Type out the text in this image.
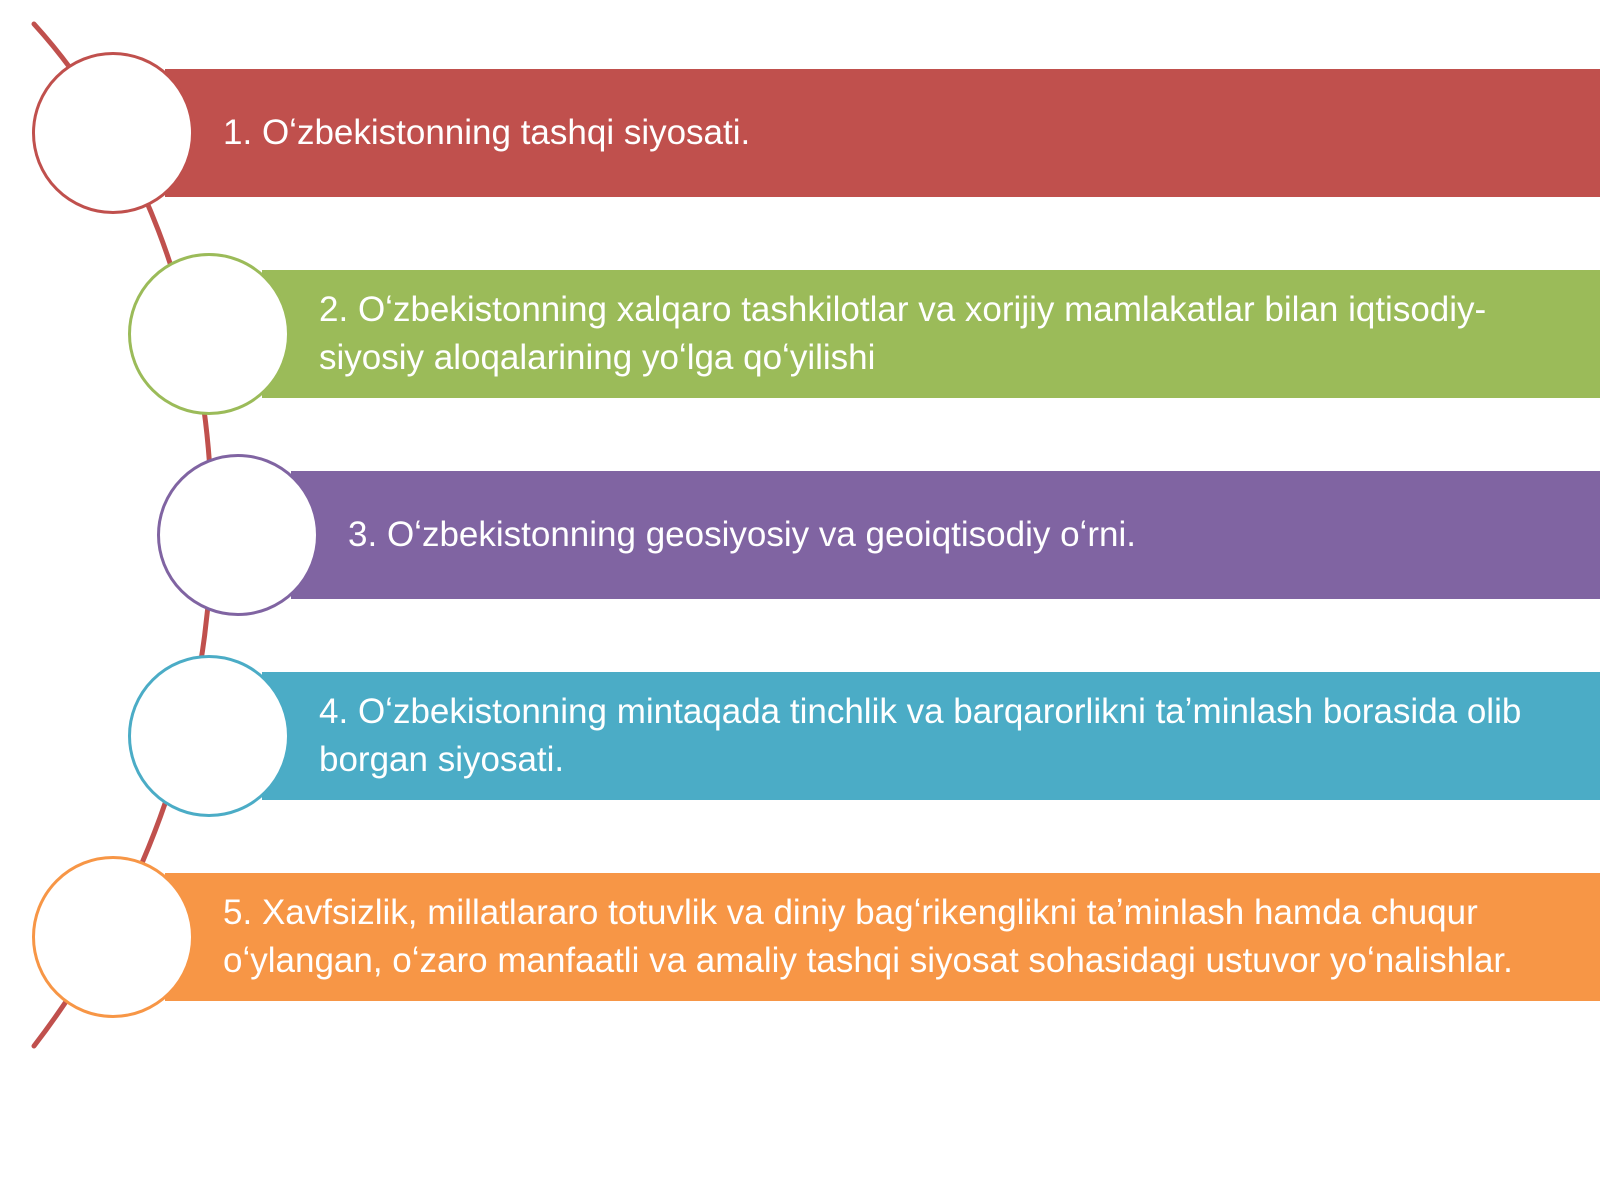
1. Oʻzbekistonning tashqi siyosati.
2. Oʻzbekistonning xalqaro tashkilotlar va xorijiy mamlakatlar bilan iqtisodiy-siyosiy aloqalarining yoʻlga qoʻyilishi
3. Oʻzbekistonning geosiyosiy va geoiqtisodiy oʻrni.
4. Oʻzbekistonning mintaqada tinchlik va barqarorlikni taʼminlash borasida olib borgan siyosati.
5. Xavfsizlik, millatlararo totuvlik va diniy bagʻrikenglikni taʼminlash hamda chuqur oʻylangan, oʻzaro manfaatli va amaliy tashqi siyosat sohasidagi ustuvor yoʻnalishlar.
